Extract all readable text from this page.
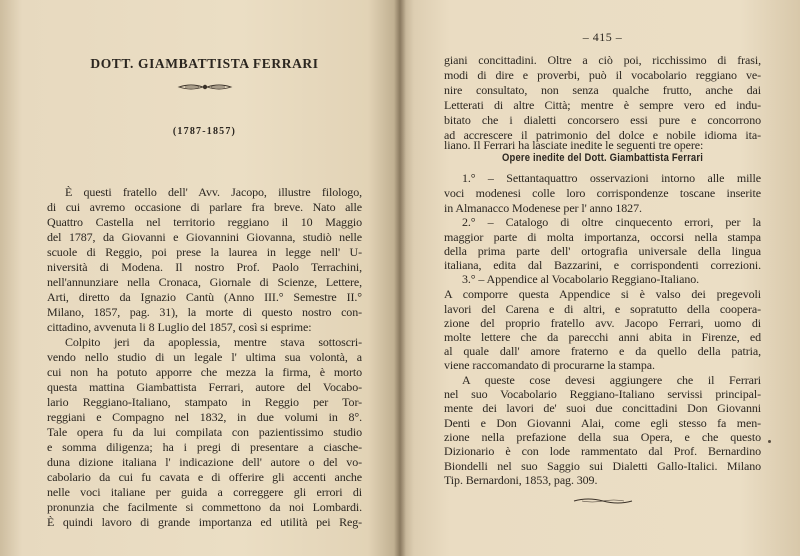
DOTT. GIAMBATTISTA FERRARI
(1787-1857)
È questi fratello dell' Avv. Jacopo, illustre filologo,
di cui avremo occasione di parlare fra breve. Nato alle
Quattro Castella nel territorio reggiano il 10 Maggio
del 1787, da Giovanni e Giovannini Giovanna, studiò nelle
scuole di Reggio, poi prese la laurea in legge nell' U-
niversità di Modena. Il nostro Prof. Paolo Terrachini,
nell'annunziare nella Cronaca, Giornale di Scienze, Lettere,
Arti, diretto da Ignazio Cantù (Anno III.° Semestre II.°
Milano, 1857, pag. 31), la morte di questo nostro con-
cittadino, avvenuta li 8 Luglio del 1857, così si esprime:
Colpito jeri da apoplessia, mentre stava sottoscri-
vendo nello studio di un legale l' ultima sua volontà, a
cui non ha potuto apporre che mezza la firma, è morto
questa mattina Giambattista Ferrari, autore del Vocabo-
lario Reggiano-Italiano, stampato in Reggio per Tor-
reggiani e Compagno nel 1832, in due volumi in 8°.
Tale opera fu da lui compilata con pazientissimo studio
e somma diligenza; ha i pregi di presentare a ciasche-
duna dizione italiana l' indicazione dell' autore o del vo-
cabolario da cui fu cavata e di offerire gli accenti anche
nelle voci italiane per guida a correggere gli errori di
pronunzia che facilmente si commettono da noi Lombardi.
È quindi lavoro di grande importanza ed utilità pei Reg-
– 415 –
giani concittadini. Oltre a ciò poi, ricchissimo di frasi,
modi di dire e proverbi, può il vocabolario reggiano ve-
nire consultato, non senza qualche frutto, anche dai
Letterati di altre Città; mentre è sempre vero ed indu-
bitato che i dialetti concorsero essi pure e concorrono
ad accrescere il patrimonio del dolce e nobile idioma ita-
liano. Il Ferrari ha lasciate inedite le seguenti tre opere:
Opere inedite del Dott. Giambattista Ferrari
1.° – Settantaquattro osservazioni intorno alle mille
voci modenesi colle loro corrispondenze toscane inserite
in Almanacco Modenese per l' anno 1827.
2.° – Catalogo di oltre cinquecento errori, per la
maggior parte di molta importanza, occorsi nella stampa
della prima parte dell' ortografia universale della lingua
italiana, edita dal Bazzarini, e corrispondenti correzioni.
3.° – Appendice al Vocabolario Reggiano-Italiano.
A comporre questa Appendice si è valso dei pregevoli
lavori del Carena e di altri, e sopratutto della coopera-
zione del proprio fratello avv. Jacopo Ferrari, uomo di
molte lettere che da parecchi anni abita in Firenze, ed
al quale dall' amore fraterno e da quello della patria,
viene raccomandato di procurarne la stampa.
A queste cose devesi aggiungere che il Ferrari
nel suo Vocabolario Reggiano-Italiano servissi principal-
mente dei lavori de' suoi due concittadini Don Giovanni
Denti e Don Giovanni Alai, come egli stesso fa men-
zione nella prefazione della sua Opera, e che questo
Dizionario è con lode rammentato dal Prof. Bernardino
Biondelli nel suo Saggio sui Dialetti Gallo-Italici. Milano
Tip. Bernardoni, 1853, pag. 309.
